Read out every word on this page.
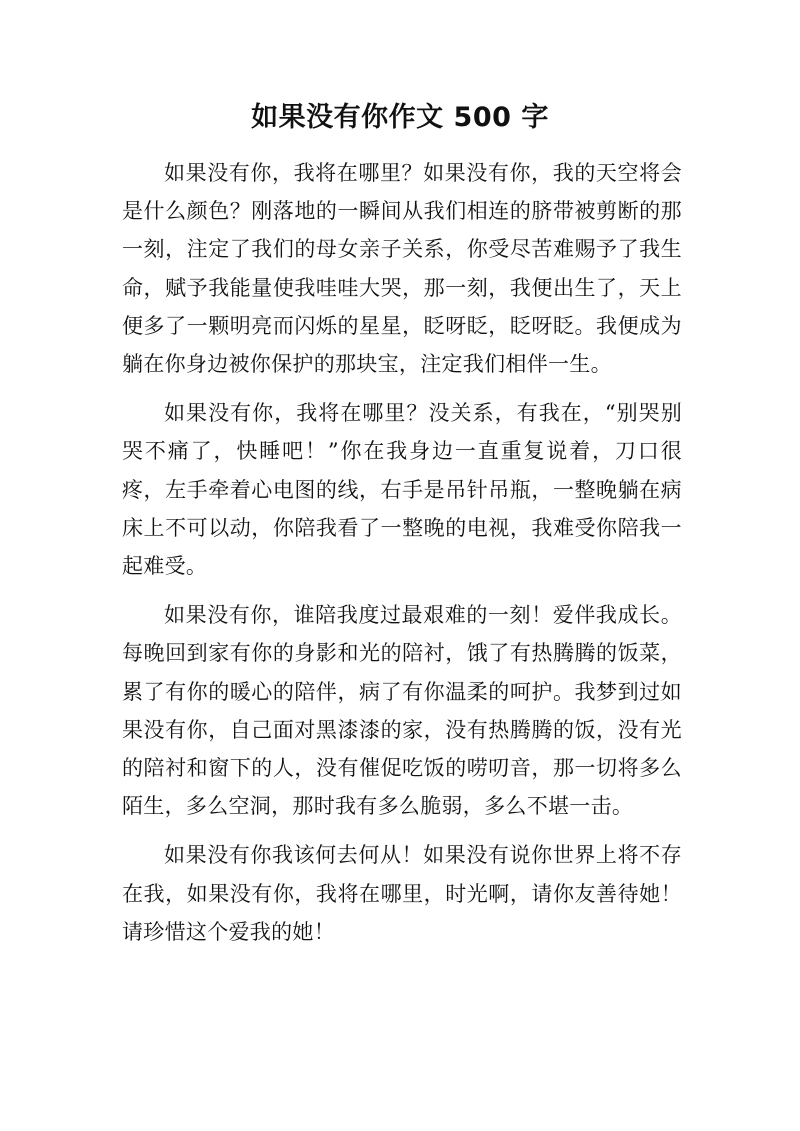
如果没有你作文 500 字

如果没有你，我将在哪里？如果没有你，我的天空将会是什么颜色？刚落地的一瞬间从我们相连的脐带被剪断的那一刻，注定了我们的母女亲子关系，你受尽苦难赐予了我生命，赋予我能量使我哇哇大哭，那一刻，我便出生了，天上便多了一颗明亮而闪烁的星星，眨呀眨，眨呀眨。我便成为躺在你身边被你保护的那块宝，注定我们相伴一生。

如果没有你，我将在哪里？没关系，有我在，“别哭别哭不痛了，快睡吧！”你在我身边一直重复说着，刀口很疼，左手牵着心电图的线，右手是吊针吊瓶，一整晚躺在病床上不可以动，你陪我看了一整晚的电视，我难受你陪我一起难受。

如果没有你，谁陪我度过最艰难的一刻！爱伴我成长。每晚回到家有你的身影和光的陪衬，饿了有热腾腾的饭菜，累了有你的暖心的陪伴，病了有你温柔的呵护。我梦到过如果没有你，自己面对黑漆漆的家，没有热腾腾的饭，没有光的陪衬和窗下的人，没有催促吃饭的唠叨音，那一切将多么陌生，多么空洞，那时我有多么脆弱，多么不堪一击。

如果没有你我该何去何从！如果没有说你世界上将不存在我，如果没有你，我将在哪里，时光啊，请你友善待她！请珍惜这个爱我的她！
